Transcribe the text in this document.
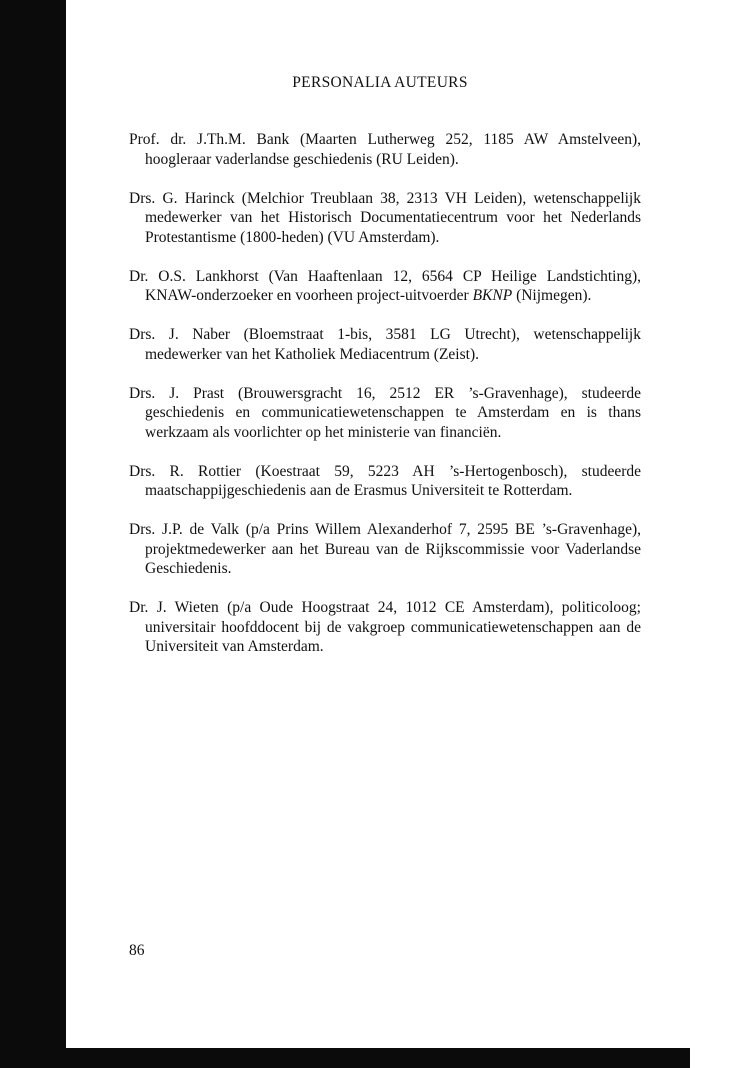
PERSONALIA AUTEURS

Prof. dr. J.Th.M. Bank (Maarten Lutherweg 252, 1185 AW Amstelveen), hoogleraar vaderlandse geschiedenis (RU Leiden).

Drs. G. Harinck (Melchior Treublaan 38, 2313 VH Leiden), wetenschappelijk medewerker van het Historisch Documentatiecentrum voor het Nederlands Protestantisme (1800-heden) (VU Amsterdam).

Dr. O.S. Lankhorst (Van Haaftenlaan 12, 6564 CP Heilige Landstichting), KNAW-onderzoeker en voorheen project-uitvoerder BKNP (Nijmegen).

Drs. J. Naber (Bloemstraat 1-bis, 3581 LG Utrecht), wetenschappelijk medewerker van het Katholiek Mediacentrum (Zeist).

Drs. J. Prast (Brouwersgracht 16, 2512 ER ’s-Gravenhage), studeerde geschiedenis en communicatiewetenschappen te Amsterdam en is thans werkzaam als voorlichter op het ministerie van financiën.

Drs. R. Rottier (Koestraat 59, 5223 AH ’s-Hertogenbosch), studeerde maatschappijgeschiedenis aan de Erasmus Universiteit te Rotterdam.

Drs. J.P. de Valk (p/a Prins Willem Alexanderhof 7, 2595 BE ’s-Gravenhage), projektmedewerker aan het Bureau van de Rijkscommissie voor Vaderlandse Geschiedenis.

Dr. J. Wieten (p/a Oude Hoogstraat 24, 1012 CE Amsterdam), politicoloog; universitair hoofddocent bij de vakgroep communicatiewetenschappen aan de Universiteit van Amsterdam.

86
